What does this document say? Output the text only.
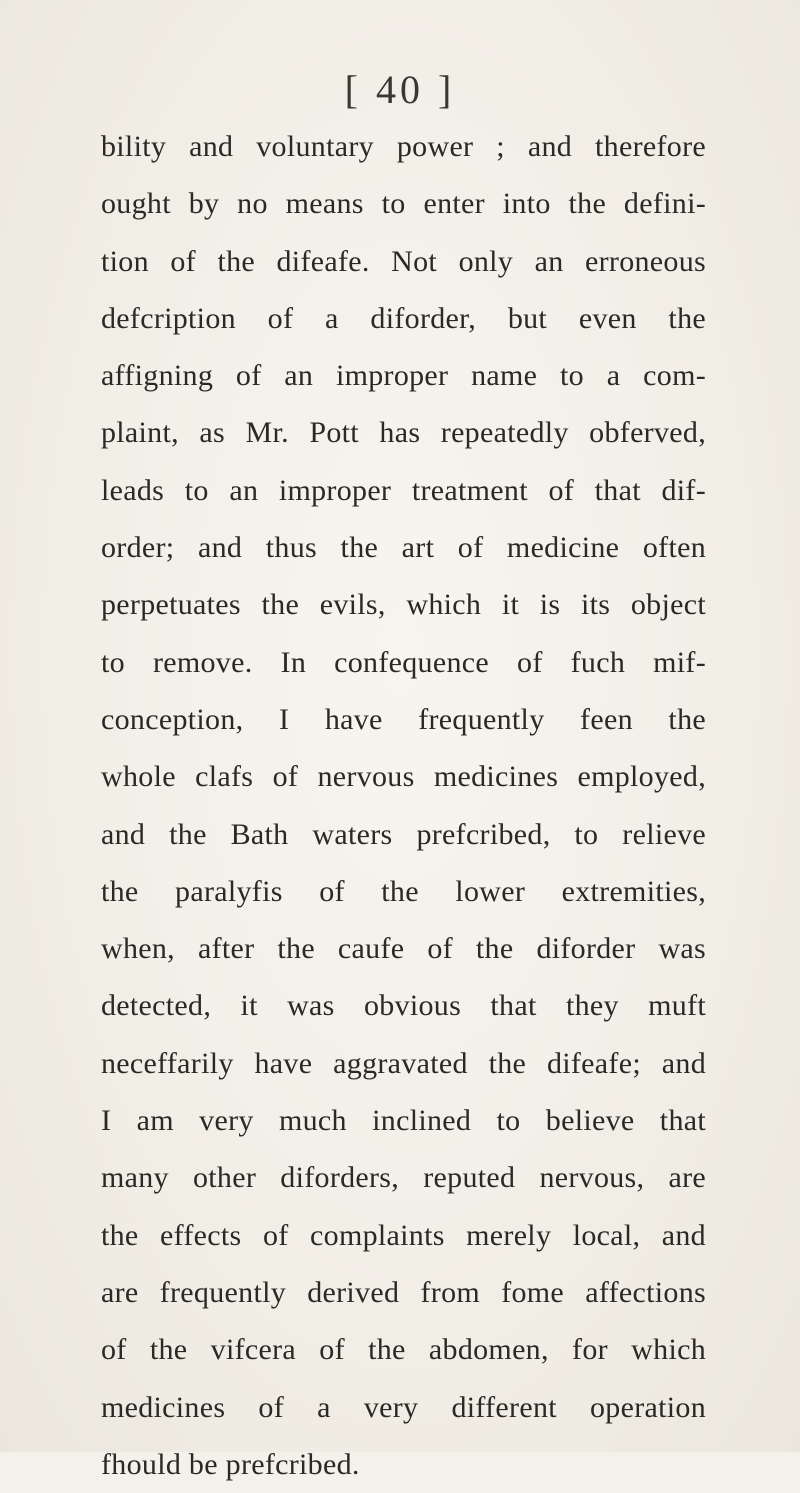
[ 40 ]
bility and voluntary power ; and therefore
ought by no means to enter into the defini-
tion of the difeafe. Not only an erroneous
defcription of a diforder, but even the
affigning of an improper name to a com-
plaint, as Mr. Pott has repeatedly obferved,
leads to an improper treatment of that dif-
order; and thus the art of medicine often
perpetuates the evils, which it is its object
to remove. In confequence of fuch mif-
conception, I have frequently feen the
whole clafs of nervous medicines employed,
and the Bath waters prefcribed, to relieve
the paralyfis of the lower extremities,
when, after the caufe of the diforder was
detected, it was obvious that they muft
neceffarily have aggravated the difeafe; and
I am very much inclined to believe that
many other diforders, reputed nervous, are
the effects of complaints merely local, and
are frequently derived from fome affections
of the vifcera of the abdomen, for which
medicines of a very different operation
fhould be prefcribed.
